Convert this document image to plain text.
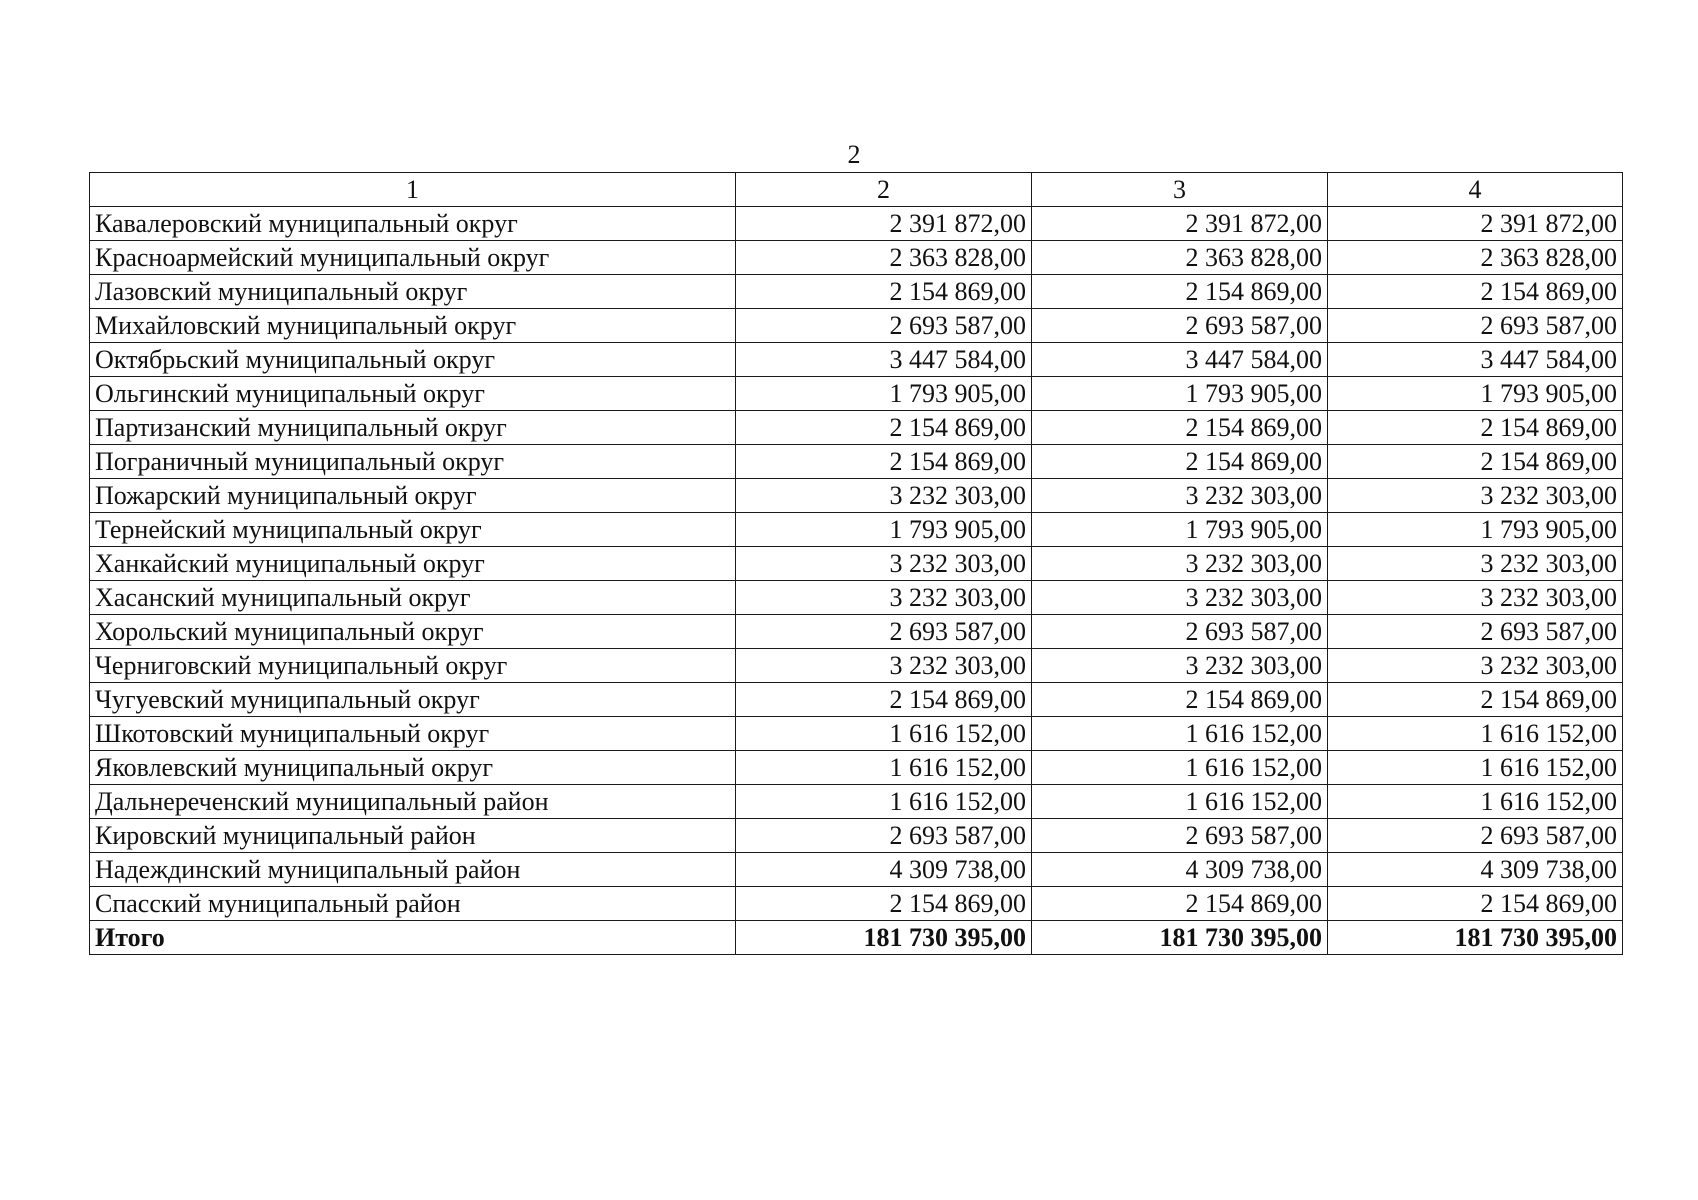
2
1	2	3	4
Кавалеровский муниципальный округ	2 391 872,00	2 391 872,00	2 391 872,00
Красноармейский муниципальный округ	2 363 828,00	2 363 828,00	2 363 828,00
Лазовский муниципальный округ	2 154 869,00	2 154 869,00	2 154 869,00
Михайловский муниципальный округ	2 693 587,00	2 693 587,00	2 693 587,00
Октябрьский муниципальный округ	3 447 584,00	3 447 584,00	3 447 584,00
Ольгинский муниципальный округ	1 793 905,00	1 793 905,00	1 793 905,00
Партизанский муниципальный округ	2 154 869,00	2 154 869,00	2 154 869,00
Пограничный муниципальный округ	2 154 869,00	2 154 869,00	2 154 869,00
Пожарский муниципальный округ	3 232 303,00	3 232 303,00	3 232 303,00
Тернейский муниципальный округ	1 793 905,00	1 793 905,00	1 793 905,00
Ханкайский муниципальный округ	3 232 303,00	3 232 303,00	3 232 303,00
Хасанский муниципальный округ	3 232 303,00	3 232 303,00	3 232 303,00
Хорольский муниципальный округ	2 693 587,00	2 693 587,00	2 693 587,00
Черниговский муниципальный округ	3 232 303,00	3 232 303,00	3 232 303,00
Чугуевский муниципальный округ	2 154 869,00	2 154 869,00	2 154 869,00
Шкотовский муниципальный округ	1 616 152,00	1 616 152,00	1 616 152,00
Яковлевский муниципальный округ	1 616 152,00	1 616 152,00	1 616 152,00
Дальнереченский муниципальный район	1 616 152,00	1 616 152,00	1 616 152,00
Кировский муниципальный район	2 693 587,00	2 693 587,00	2 693 587,00
Надеждинский муниципальный район	4 309 738,00	4 309 738,00	4 309 738,00
Спасский муниципальный район	2 154 869,00	2 154 869,00	2 154 869,00
Итого	181 730 395,00	181 730 395,00	181 730 395,00
